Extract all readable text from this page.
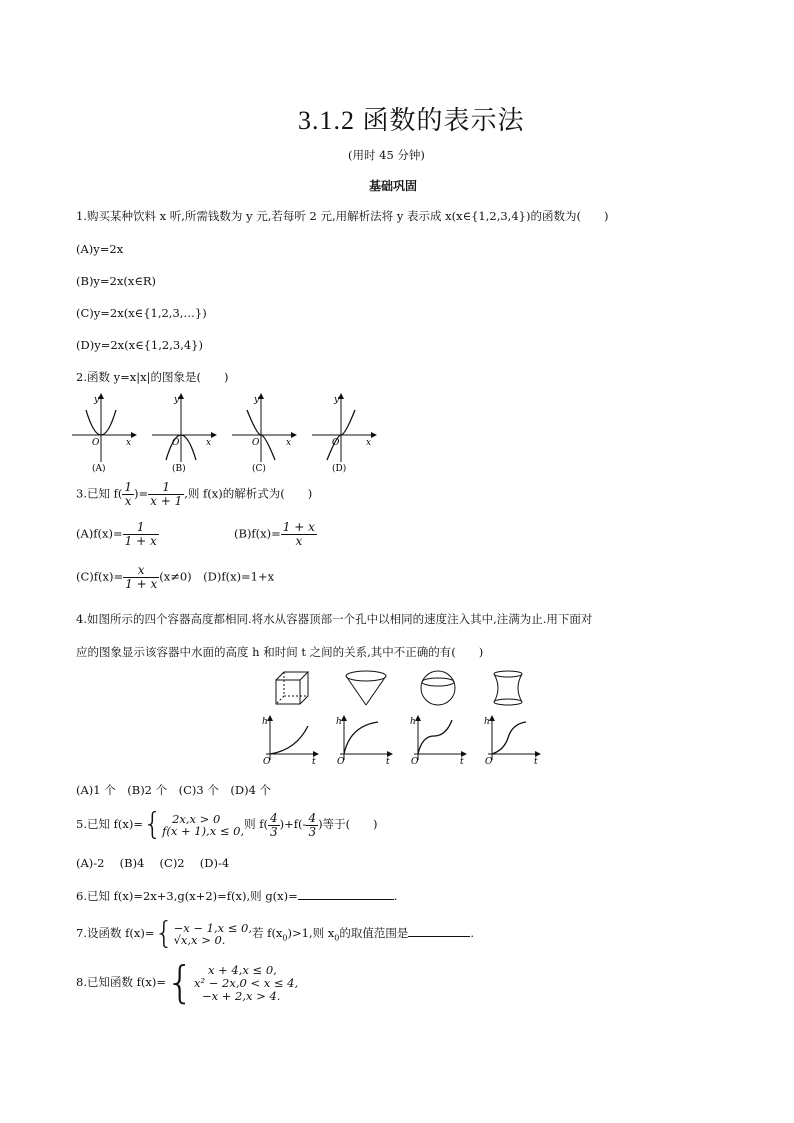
3.1.2 函数的表示法
(用时 45 分钟)
基础巩固
1.购买某种饮料 x 听,所需钱数为 y 元,若每听 2 元,用解析法将 y 表示成 x(x∈{1,2,3,4})的函数为(　　)
(A)y=2x
(B)y=2x(x∈R)
(C)y=2x(x∈{1,2,3,…})
(D)y=2x(x∈{1,2,3,4})
2.函数 y=x|x|的图象是(　　)
y
x
O
(A)
y
x
O
(B)
y
x
O
(C)
y
x
O
(D)
3.已知 $f( \frac{1}{x}$ )= $\frac{1}{x + 1}$ ,则 f(x)的解析式为(　　)
$(A)f(x)= \frac{1}{1 + x}$	$(B)f(x)= \frac{1 + x}{x}$
$(C)f(x)= \frac{x}{1 + x} (x\ne 0)$　 (D)f(x)=1+x
4.如图所示的四个容器高度都相同.将水从容器顶部一个孔中以相同的速度注入其中,注满为止.用下面对
应的图象显示该容器中水面的高度 h 和时间 t 之间的关系,其中不正确的有(　　)
h
O	t
h
O	t
h
O	t
h
O	t
(A)1 个　(B)2 个　(C)3 个　(D)4 个
5.已知 f(x)={ 2x,x > 0
f(x + 1),x ≤ 0, 则 $f( \frac{4}{3} )+f(- \frac{4}{3}$ )等于(　　)
(A)-2　 (B)4　 (C)2　 (D)-4
6.已知 f(x)=2x+3,g(x+2)=f(x),则 g(x)=	.
7.设函数 f(x)={ −x − 1,x ≤ 0,
√x,x > 0.	若 $f(x_0)>1$,则 $x_0$的取值范围是	.
8.已知函数 f(x)={	x + 4,x ≤ 0,
x² − 2x,0 < x ≤ 4,
−x + 2,x > 4.
